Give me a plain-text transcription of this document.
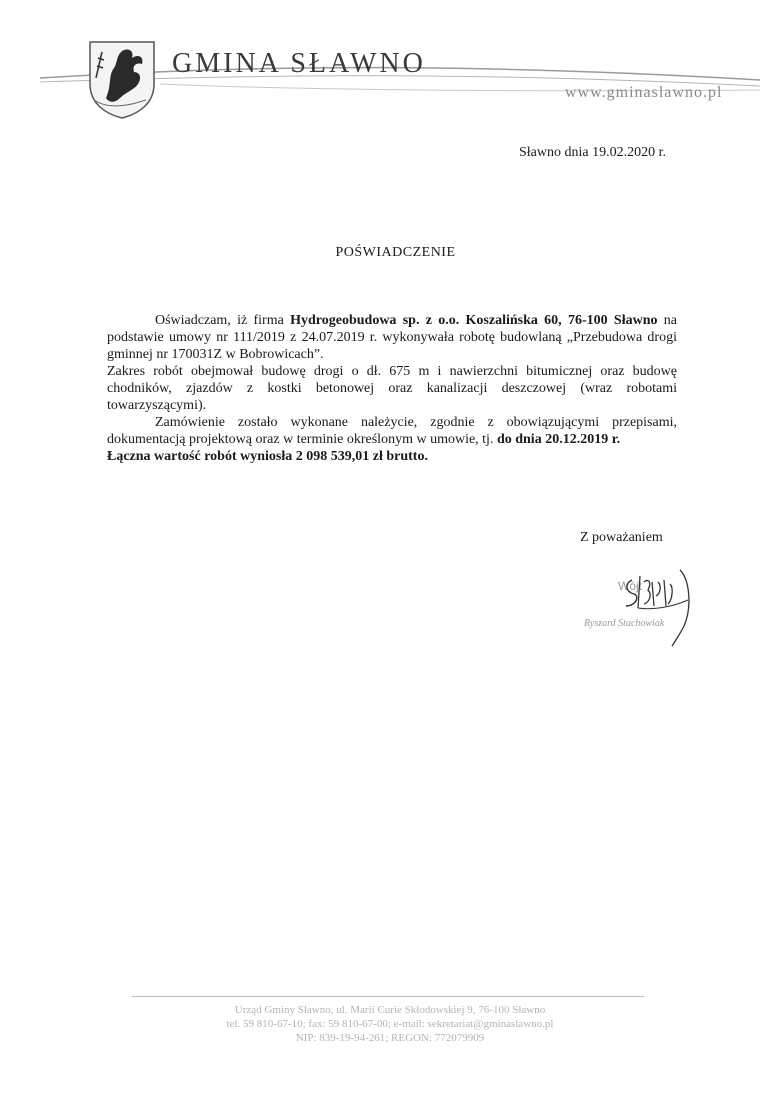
GMINA SŁAWNO
www.gminaslawno.pl
Sławno dnia 19.02.2020 r.
POŚWIADCZENIE

Oświadczam, iż firma Hydrogeobudowa sp. z o.o. Koszalińska 60, 76-100 Sławno na podstawie umowy nr 111/2019 z 24.07.2019 r. wykonywała robotę budowlaną „Przebudowa drogi gminnej nr 170031Z w Bobrowicach”.

Zakres robót obejmował budowę drogi o dł. 675 m i nawierzchni bitumicznej oraz budowę chodników, zjazdów z kostki betonowej oraz kanalizacji deszczowej (wraz robotami towarzyszącymi).

Zamówienie zostało wykonane należycie, zgodnie z obowiązującymi przepisami, dokumentacją projektową oraz w terminie określonym w umowie, tj. do dnia 20.12.2019 r.

Łączna wartość robót wyniosła 2 098 539,01 zł brutto.

Z poważaniem
Wójt
Ryszard Stachowiak
Urząd Gminy Sławno, ul. Marii Curie Skłodowskiej 9, 76-100 Sławno
tel. 59 810-67-10; fax: 59 810-67-00; e-mail: sekretariat@gminaslawno.pl
NIP: 839-19-94-261; REGON: 772079909
